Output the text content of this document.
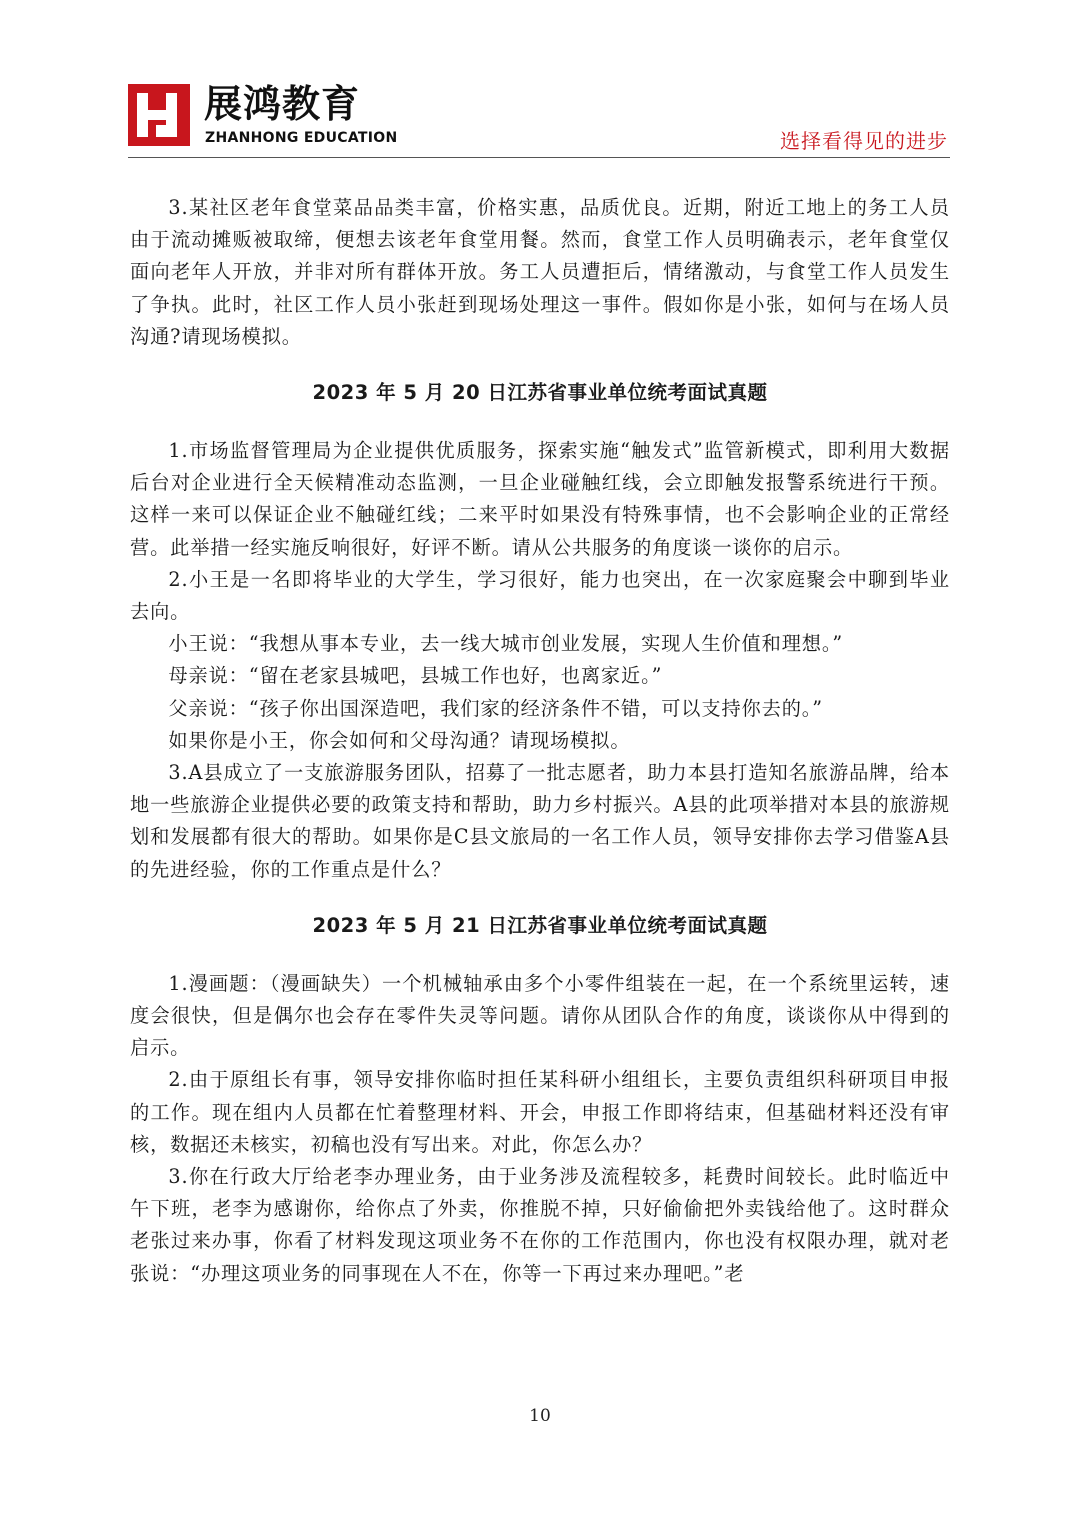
展鸿教育
ZHANHONG EDUCATION	选择看得见的进步

3.某社区老年食堂菜品品类丰富，价格实惠，品质优良。近期，附近工地上的务工人员由于流动摊贩被取缔，便想去该老年食堂用餐。然而，食堂工作人员明确表示，老年食堂仅面向老年人开放，并非对所有群体开放。务工人员遭拒后，情绪激动，与食堂工作人员发生了争执。此时，社区工作人员小张赶到现场处理这一事件。假如你是小张，如何与在场人员沟通?请现场模拟。

2023 年 5 月 20 日江苏省事业单位统考面试真题

1.市场监督管理局为企业提供优质服务，探索实施“触发式”监管新模式，即利用大数据后台对企业进行全天候精准动态监测，一旦企业碰触红线，会立即触发报警系统进行干预。这样一来可以保证企业不触碰红线；二来平时如果没有特殊事情，也不会影响企业的正常经营。此举措一经实施反响很好，好评不断。请从公共服务的角度谈一谈你的启示。

2.小王是一名即将毕业的大学生，学习很好，能力也突出，在一次家庭聚会中聊到毕业去向。

小王说：“我想从事本专业，去一线大城市创业发展，实现人生价值和理想。”

母亲说：“留在老家县城吧，县城工作也好，也离家近。”

父亲说：“孩子你出国深造吧，我们家的经济条件不错，可以支持你去的。”

如果你是小王，你会如何和父母沟通？请现场模拟。

3.A县成立了一支旅游服务团队，招募了一批志愿者，助力本县打造知名旅游品牌，给本地一些旅游企业提供必要的政策支持和帮助，助力乡村振兴。A县的此项举措对本县的旅游规划和发展都有很大的帮助。如果你是C县文旅局的一名工作人员，领导安排你去学习借鉴A县的先进经验，你的工作重点是什么？

2023 年 5 月 21 日江苏省事业单位统考面试真题

1.漫画题：（漫画缺失）一个机械轴承由多个小零件组装在一起，在一个系统里运转，速度会很快，但是偶尔也会存在零件失灵等问题。请你从团队合作的角度，谈谈你从中得到的启示。

2.由于原组长有事，领导安排你临时担任某科研小组组长，主要负责组织科研项目申报的工作。现在组内人员都在忙着整理材料、开会，申报工作即将结束，但基础材料还没有审核，数据还未核实，初稿也没有写出来。对此，你怎么办？

3.你在行政大厅给老李办理业务，由于业务涉及流程较多，耗费时间较长。此时临近中午下班，老李为感谢你，给你点了外卖，你推脱不掉，只好偷偷把外卖钱给他了。这时群众老张过来办事，你看了材料发现这项业务不在你的工作范围内，你也没有权限办理，就对老张说：“办理这项业务的同事现在人不在，你等一下再过来办理吧。”老

10
